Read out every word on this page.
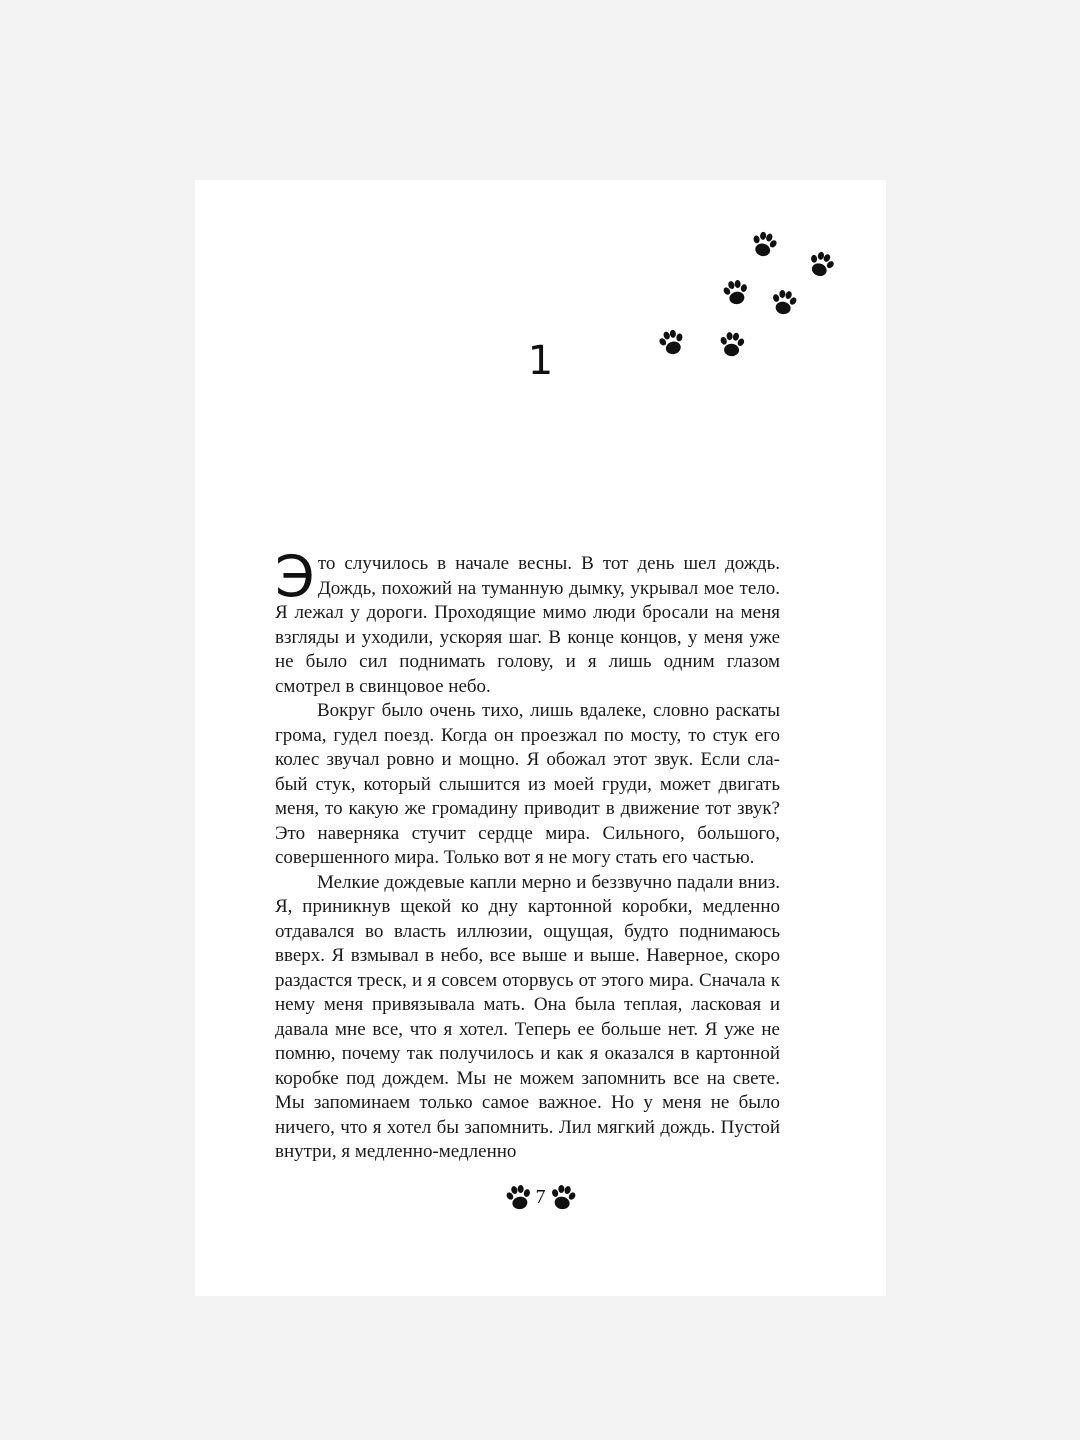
1

Это случилось в начале весны. В тот день шел дождь. Дождь, похожий на туманную дымку, укрывал мое тело. Я лежал у дороги. Проходящие мимо люди бросали на меня взгляды и уходили, ускоряя шаг. В конце концов, у меня уже не было сил поднимать голову, и я лишь одним глазом смотрел в свинцовое небо.

Вокруг было очень тихо, лишь вдалеке, словно раскаты грома, гудел поезд. Когда он проезжал по мосту, то стук его колес звучал ровно и мощно. Я обожал этот звук. Если слабый стук, который слышится из моей груди, может двигать меня, то какую же громадину приводит в движение тот звук? Это наверняка стучит сердце мира. Сильного, большого, совершенного мира. Только вот я не могу стать его частью.

Мелкие дождевые капли мерно и беззвучно падали вниз. Я, приникнув щекой ко дну картонной коробки, медленно отдавался во власть иллюзии, ощущая, будто поднимаюсь вверх. Я взмывал в небо, все выше и выше. Наверное, скоро раздастся треск, и я совсем оторвусь от этого мира. Сначала к нему меня привязывала мать. Она была теплая, ласковая и давала мне все, что я хотел. Теперь ее больше нет. Я уже не помню, почему так получилось и как я оказался в картонной коробке под дождем. Мы не можем запомнить все на свете. Мы запоминаем только самое важное. Но у меня не было ничего, что я хотел бы запомнить. Лил мягкий дождь. Пустой внутри, я медленно-медленно

7
